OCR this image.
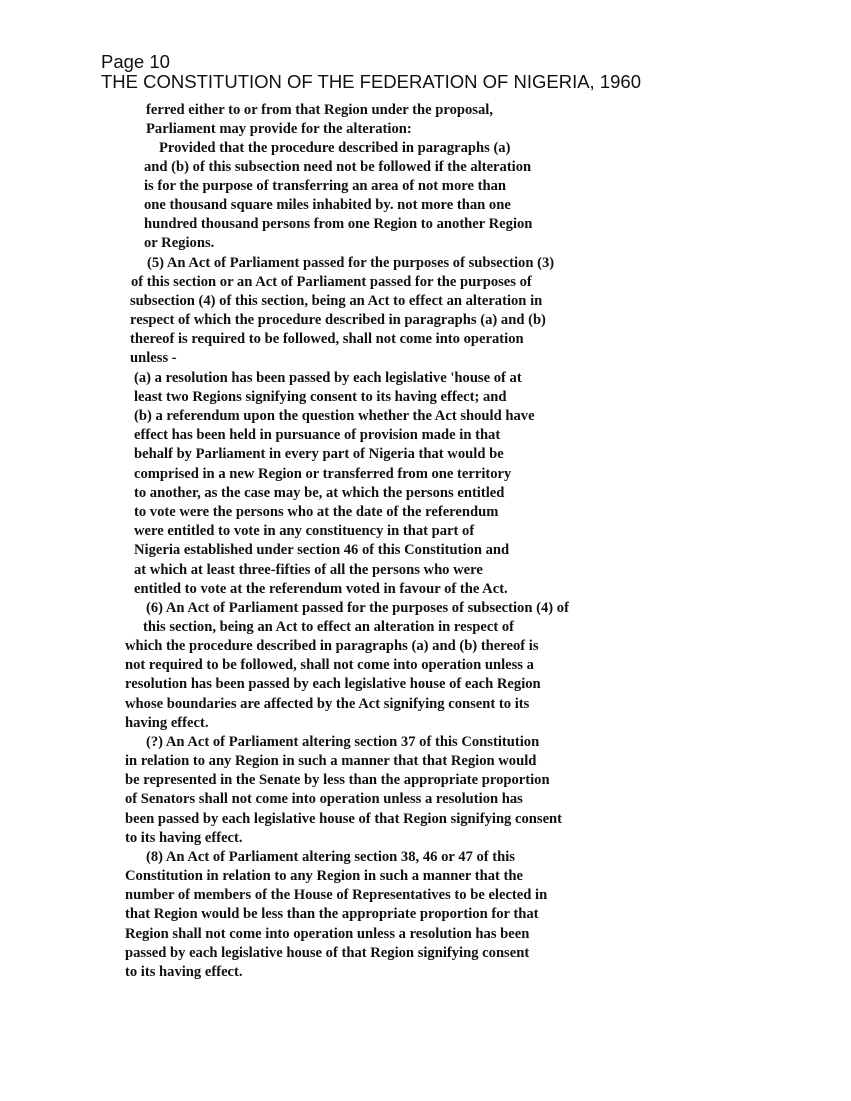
Page 10
THE CONSTITUTION OF THE FEDERATION OF NIGERIA, 1960
ferred either to or from that Region under the proposal,
Parliament may provide for the alteration:
Provided that the procedure described in paragraphs (a)
and (b) of this subsection need not be followed if the alteration
is for the purpose of transferring an area of not more than
one thousand square miles inhabited by. not more than one
hundred thousand persons from one Region to another Region
or Regions.
(5) An Act of Parliament passed for the purposes of subsection (3)
of this section or an Act of Parliament passed for the purposes of
subsection (4) of this section, being an Act to effect an alteration in
respect of which the procedure described in paragraphs (a) and (b)
thereof is required to be followed, shall not come into operation
unless -
(a) a resolution has been passed by each legislative 'house of at
least two Regions signifying consent to its having effect; and
(b) a referendum upon the question whether the Act should have
effect has been held in pursuance of provision made in that
behalf by Parliament in every part of Nigeria that would be
comprised in a new Region or transferred from one territory
to another, as the case may be, at which the persons entitled
to vote were the persons who at the date of the referendum
were entitled to vote in any constituency in that part of
Nigeria established under section 46 of this Constitution and
at which at least three-fifties of all the persons who were
entitled to vote at the referendum voted in favour of the Act.
(6) An Act of Parliament passed for the purposes of subsection (4) of
this section, being an Act to effect an alteration in respect of
which the procedure described in paragraphs (a) and (b) thereof is
not required to be followed, shall not come into operation unless a
resolution has been passed by each legislative house of each Region
whose boundaries are affected by the Act signifying consent to its
having effect.
(?) An Act of Parliament altering section 37 of this Constitution
in relation to any Region in such a manner that that Region would
be represented in the Senate by less than the appropriate proportion
of Senators shall not come into operation unless a resolution has
been passed by each legislative house of that Region signifying consent
to its having effect.
(8) An Act of Parliament altering section 38, 46 or 47 of this
Constitution in relation to any Region in such a manner that the
number of members of the House of Representatives to be elected in
that Region would be less than the appropriate proportion for that
Region shall not come into operation unless a resolution has been
passed by each legislative house of that Region signifying consent
to its having effect.
